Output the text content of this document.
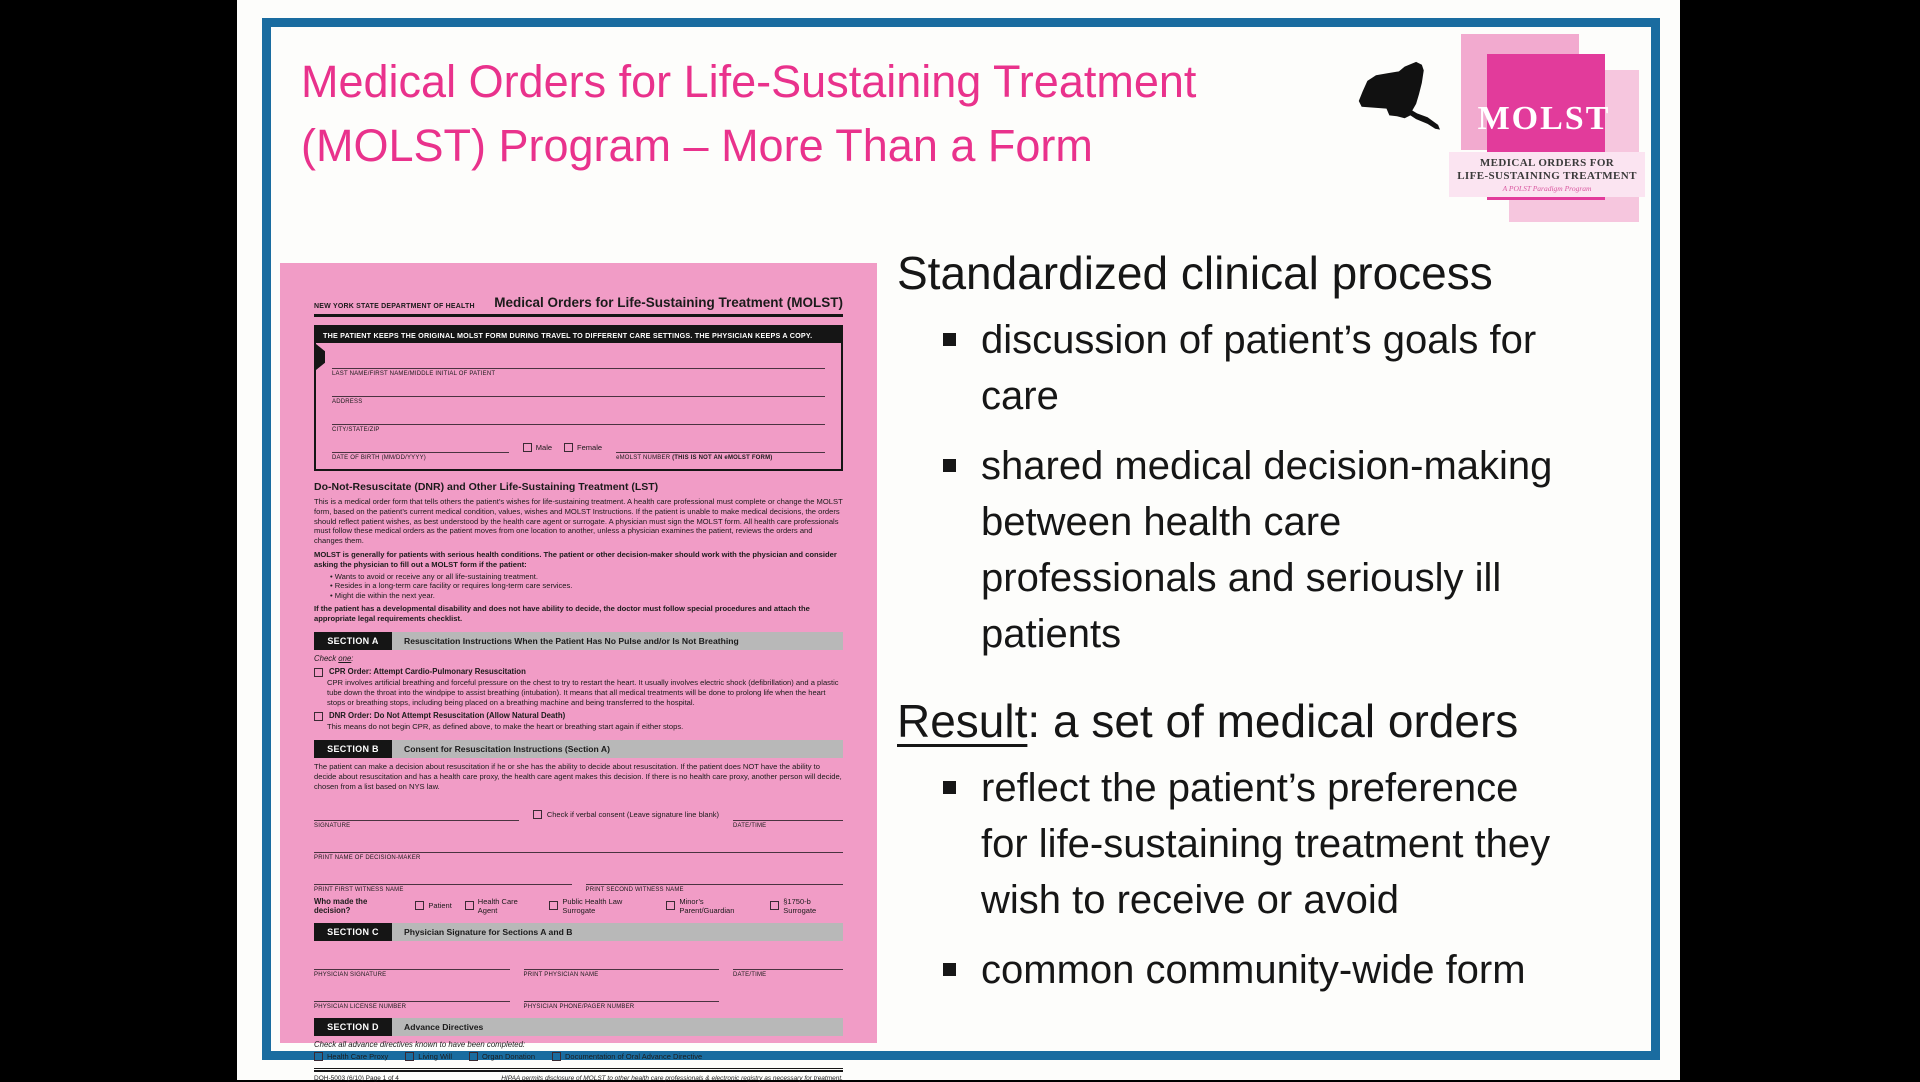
Medical Orders for Life-Sustaining Treatment
(MOLST) Program – More Than a Form
MOLST
MEDICAL ORDERS FOR
LIFE-SUSTAINING TREATMENT
A POLST Paradigm Program
NEW YORK STATE DEPARTMENT OF HEALTH Medical Orders for Life-Sustaining Treatment (MOLST)
THE PATIENT KEEPS THE ORIGINAL MOLST FORM DURING TRAVEL TO DIFFERENT CARE SETTINGS. THE PHYSICIAN KEEPS A COPY.
LAST NAME/FIRST NAME/MIDDLE INITIAL OF PATIENT
ADDRESS
CITY/STATE/ZIP
DATE OF BIRTH (MM/DD/YYYY)
Male	Female
eMOLST NUMBER (THIS IS NOT AN eMOLST FORM)
Do-Not-Resuscitate (DNR) and Other Life-Sustaining Treatment (LST)
This is a medical order form that tells others the patient’s wishes for life-sustaining treatment. A health care professional must complete or change the MOLST form, based on the patient’s current medical condition, values, wishes and MOLST Instructions. If the patient is unable to make medical decisions, the orders should reflect patient wishes, as best understood by the health care agent or surrogate. A physician must sign the MOLST form. All health care professionals must follow these medical orders as the patient moves from one location to another, unless a physician examines the patient, reviews the orders and changes them.
MOLST is generally for patients with serious health conditions. The patient or other decision-maker should work with the physician and consider asking the physician to fill out a MOLST form if the patient:
• Wants to avoid or receive any or all life-sustaining treatment.
• Resides in a long-term care facility or requires long-term care services.
• Might die within the next year.
If the patient has a developmental disability and does not have ability to decide, the doctor must follow special procedures and attach the appropriate legal requirements checklist.
SECTION A	Resuscitation Instructions When the Patient Has No Pulse and/or Is Not Breathing
Check one:
CPR Order: Attempt Cardio-Pulmonary Resuscitation
CPR involves artificial breathing and forceful pressure on the chest to try to restart the heart. It usually involves electric shock (defibrillation) and a plastic tube down the throat into the windpipe to assist breathing (intubation). It means that all medical treatments will be done to prolong life when the heart stops or breathing stops, including being placed on a breathing machine and being transferred to the hospital.
DNR Order: Do Not Attempt Resuscitation (Allow Natural Death)
This means do not begin CPR, as defined above, to make the heart or breathing start again if either stops.
SECTION B	Consent for Resuscitation Instructions (Section A)
The patient can make a decision about resuscitation if he or she has the ability to decide about resuscitation. If the patient does NOT have the ability to decide about resuscitation and has a health care proxy, the health care agent makes this decision. If there is no health care proxy, another person will decide, chosen from a list based on NYS law.
SIGNATURE
Check if verbal consent (Leave signature line blank)
DATE/TIME
PRINT NAME OF DECISION-MAKER
PRINT FIRST WITNESS NAME	PRINT SECOND WITNESS NAME
Who made the decision?	Patient	Health Care Agent
Public Health Law Surrogate
Minor’s Parent/Guardian
§1750-b Surrogate
SECTION C	Physician Signature for Sections A and B
PHYSICIAN SIGNATURE	PRINT PHYSICIAN NAME	DATE/TIME
PHYSICIAN LICENSE NUMBER	PHYSICIAN PHONE/PAGER NUMBER
SECTION D	Advance Directives
Check all advance directives known to have been completed:
Health Care Proxy	Living Will	Organ Donation	Documentation of Oral Advance Directive
DOH-5003 (6/10) Page 1 of 4	HIPAA permits disclosure of MOLST to other health care professionals & electronic registry as necessary for treatment.
Standardized clinical process
discussion of patient’s goals for
care
shared medical decision-making
between health care
professionals and seriously ill
patients
Result: a set of medical orders
reflect the patient’s preference
for life-sustaining treatment they
wish to receive or avoid
common community-wide form
